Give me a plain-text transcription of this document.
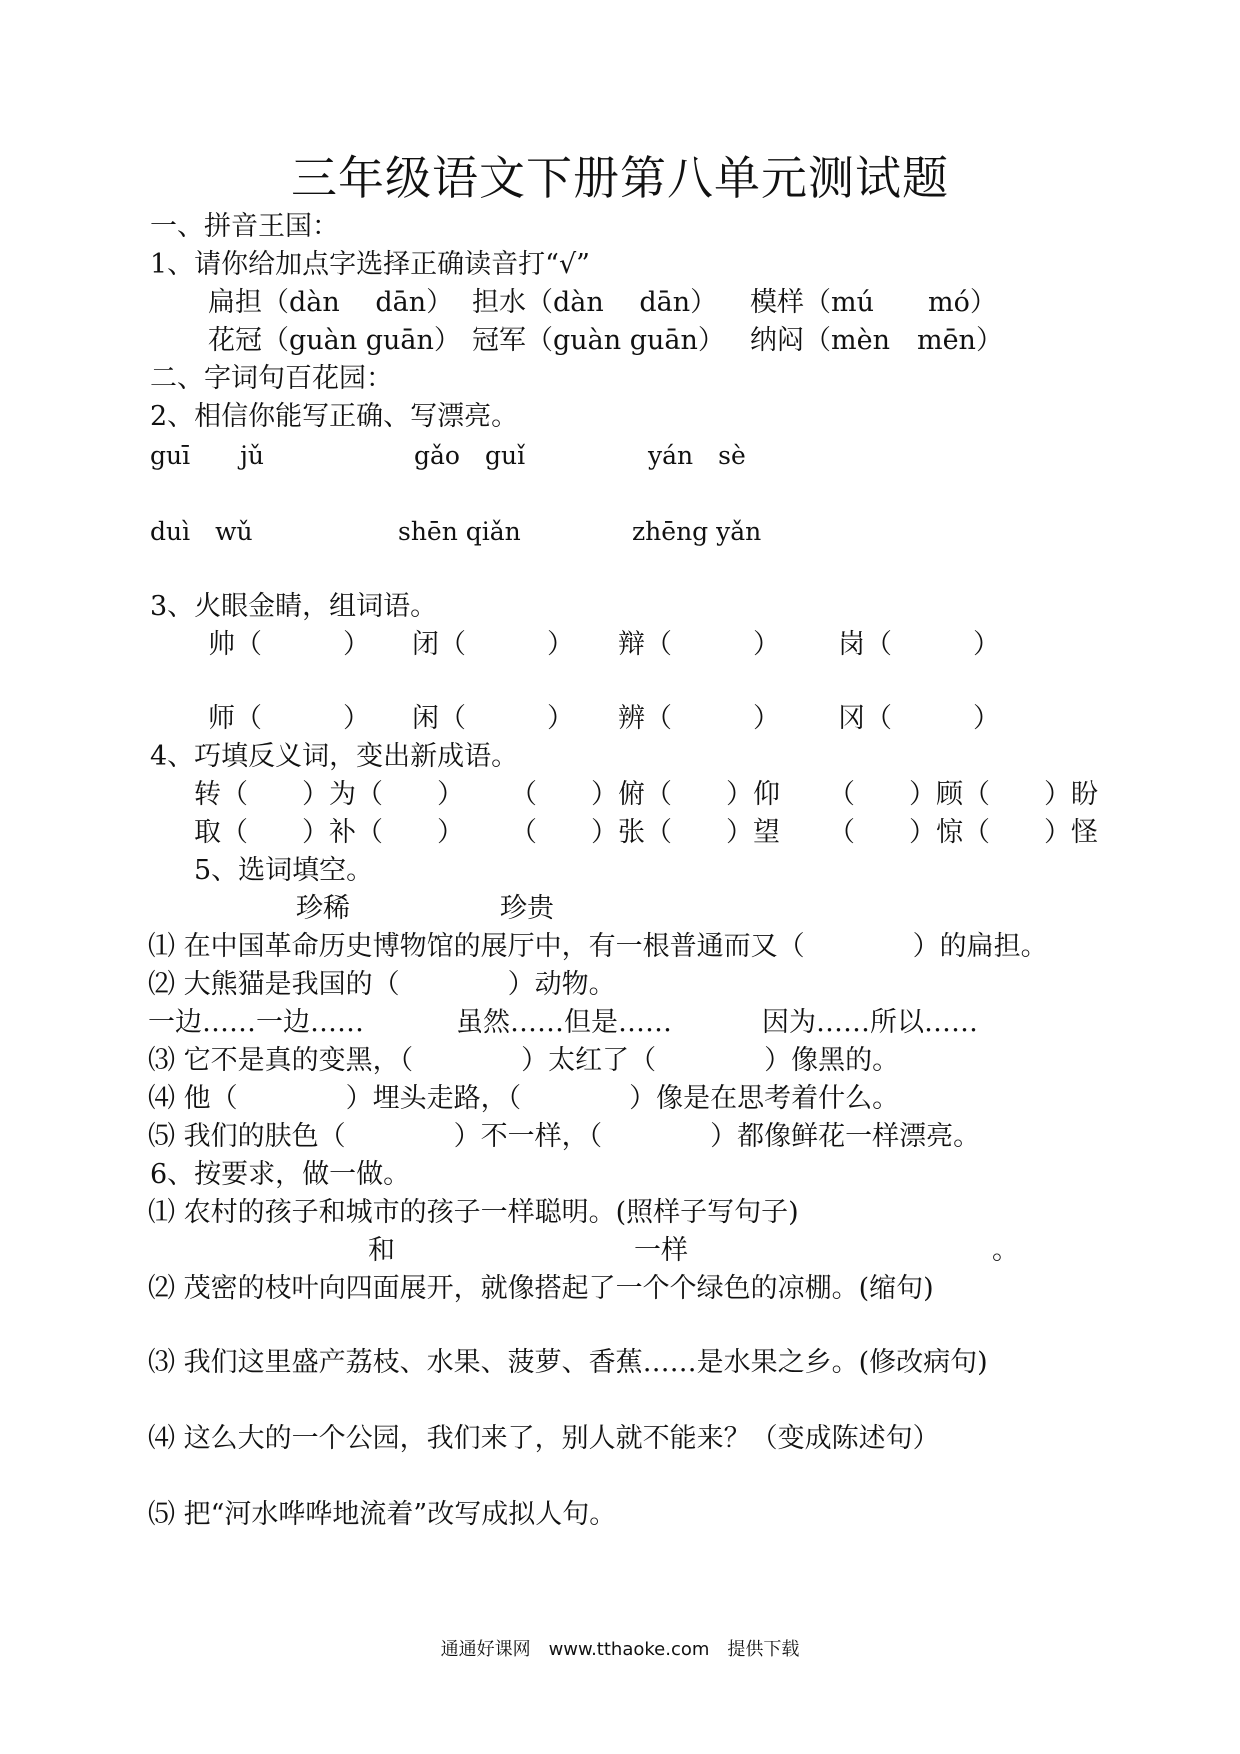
三年级语文下册第八单元测试题
一、拼音王国：
1、请你给加点字选择正确读音打“√”
扁担 （dàn　 dān） 担水 （dàn　 dān） 模样 （mú　　mó）
花冠 （guàn guān） 冠军 （guàn guān） 纳闷 （mèn　mēn）
二、字词句百花园：
2、相信你能写正确、写漂亮。
guī　　jǔ	gǎo　guǐ	yán　sè
duì　wǔ	shēn qiǎn	zhēng yǎn
3、火眼金睛，组词语。
帅（　　　） 闭（　　　） 辩（　　　） 岗（　　　）
师（　　　） 闲（　　　） 辨（　　　） 冈（　　　）
4、巧填反义词，变出新成语。
转（　　）为（　　） （　　）俯（　　）仰 （　　）顾（　　）盼
取（　　）补（　　） （　　）张（　　）望 （　　）惊（　　）怪
5、选词填空。
珍稀	珍贵
⑴ 在中国革命历史博物馆的展厅中，有一根普通而又（　　　　）的扁担。
⑵ 大熊猫是我国的（　　　　）动物。
一边……一边……	虽然……但是……	因为……所以……
⑶ 它不是真的变黑，（　　　　）太红了（　　　　）像黑的。
⑷ 他（　　　　）埋头走路，（　　　　）像是在思考着什么。
⑸ 我们的肤色（　　　　）不一样，（　　　　）都像鲜花一样漂亮。
6、按要求，做一做。
⑴ 农村的孩子和城市的孩子一样聪明。(照样子写句子)
和	一样	。
⑵ 茂密的枝叶向四面展开，就像搭起了一个个绿色的凉棚。(缩句)
⑶ 我们这里盛产荔枝、水果、菠萝、香蕉……是水果之乡。(修改病句)
⑷ 这么大的一个公园，我们来了，别人就不能来？（变成陈述句）
⑸ 把“河水哗哗地流着”改写成拟人句。
通通好课网　www.tthaoke.com　提供下载
